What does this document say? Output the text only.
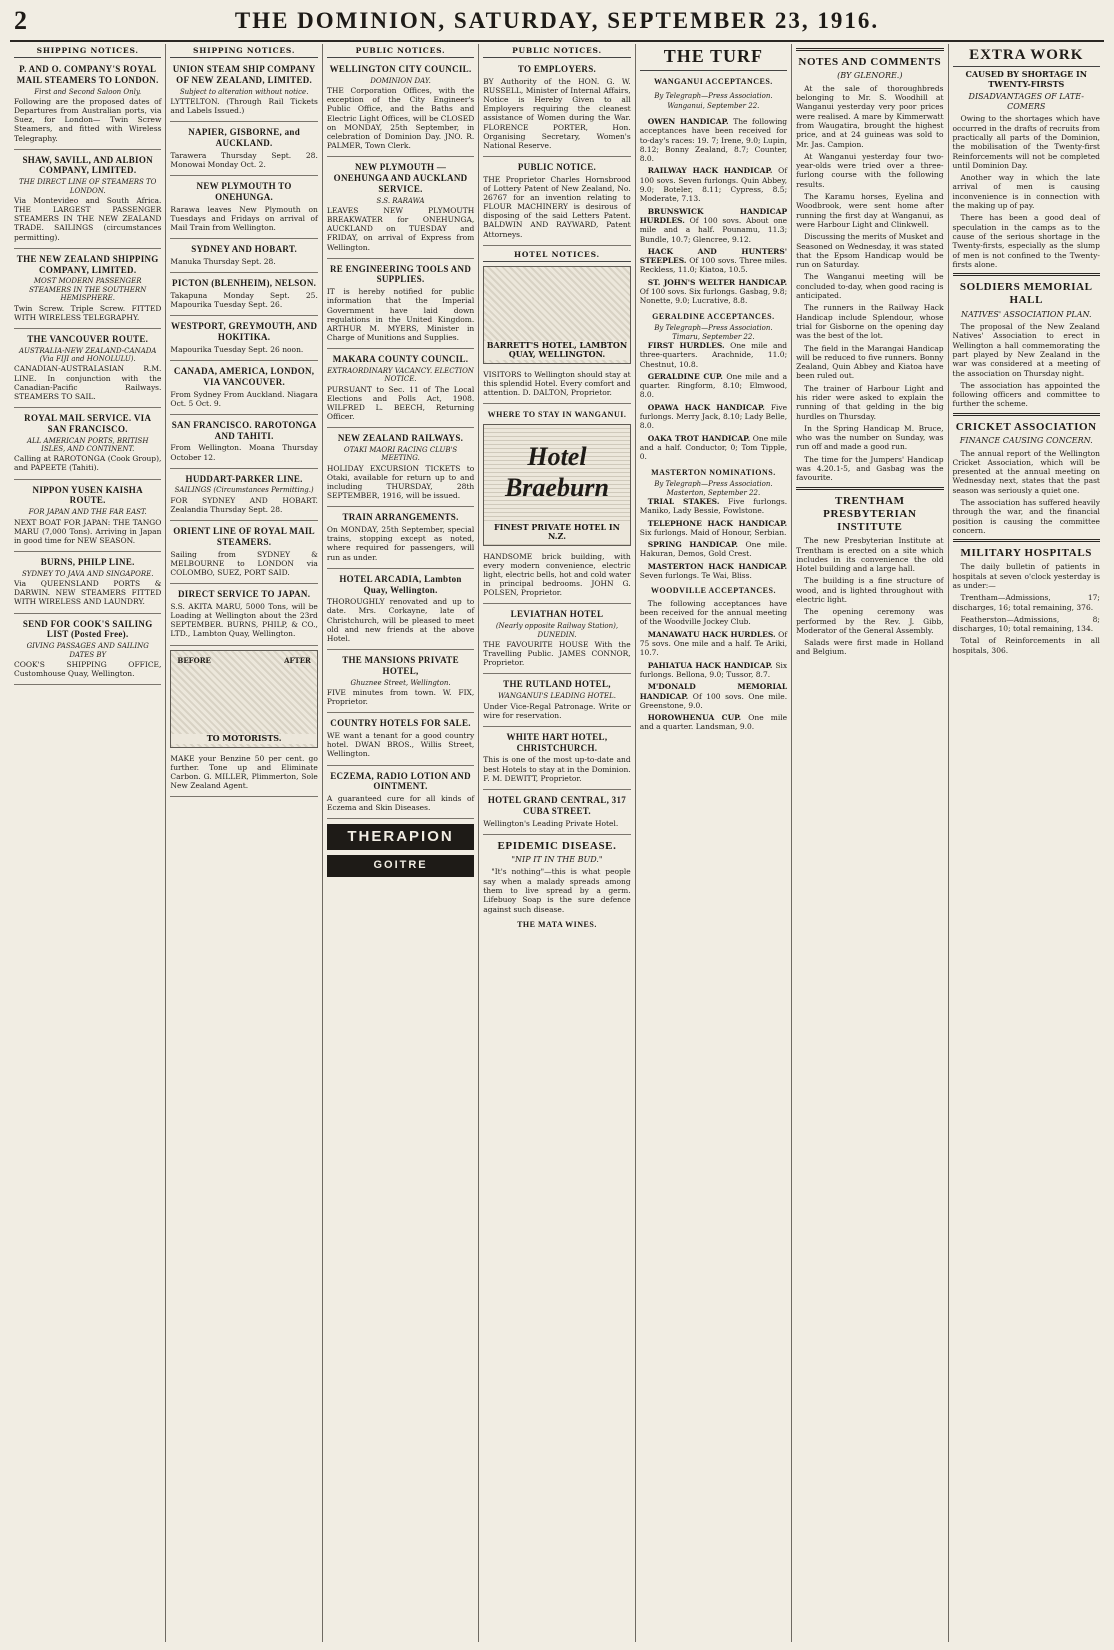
2	THE DOMINION, SATURDAY, SEPTEMBER 23, 1916.
SHIPPING NOTICES.
P. AND O. COMPANY'S ROYAL MAIL STEAMERS TO LONDON.
First and Second Saloon Only.

Following are the proposed dates of Departures from Australian ports, via Suez, for London— Twin Screw Steamers, and fitted with Wireless Telegraphy.

SHAW, SAVILL, AND ALBION COMPANY, LIMITED.
THE DIRECT LINE OF STEAMERS TO LONDON.

Via Montevideo and South Africa. THE LARGEST PASSENGER STEAMERS IN THE NEW ZEALAND TRADE. SAILINGS (circumstances permitting).

THE NEW ZEALAND SHIPPING COMPANY, LIMITED.
MOST MODERN PASSENGER STEAMERS IN THE SOUTHERN HEMISPHERE.

Twin Screw. Triple Screw. FITTED WITH WIRELESS TELEGRAPHY.

THE VANCOUVER ROUTE.
AUSTRALIA-NEW ZEALAND-CANADA (Via FIJI and HONOLULU).

CANADIAN-AUSTRALASIAN R.M. LINE. In conjunction with the Canadian-Pacific Railways. STEAMERS TO SAIL.

ROYAL MAIL SERVICE. VIA SAN FRANCISCO.
ALL AMERICAN PORTS, BRITISH ISLES, AND CONTINENT.

Calling at RAROTONGA (Cook Group), and PAPEETE (Tahiti).

NIPPON YUSEN KAISHA ROUTE.
FOR JAPAN AND THE FAR EAST.

NEXT BOAT FOR JAPAN: THE TANGO MARU (7,000 Tons). Arriving in Japan in good time for NEW SEASON.

BURNS, PHILP LINE.
SYDNEY TO JAVA AND SINGAPORE.

Via QUEENSLAND PORTS & DARWIN. NEW STEAMERS FITTED WITH WIRELESS AND LAUNDRY.

SEND FOR COOK'S SAILING LIST (Posted Free).
GIVING PASSAGES AND SAILING DATES BY

COOK'S SHIPPING OFFICE, Customhouse Quay, Wellington.

SHIPPING NOTICES.
UNION STEAM SHIP COMPANY OF NEW ZEALAND, LIMITED.
Subject to alteration without notice.

LYTTELTON. (Through Rail Tickets and Labels Issued.)

NAPIER, GISBORNE, and AUCKLAND.

Tarawera Thursday Sept. 28. Monowai Monday Oct. 2.

NEW PLYMOUTH TO ONEHUNGA.

Rarawa leaves New Plymouth on Tuesdays and Fridays on arrival of Mail Train from Wellington.

SYDNEY AND HOBART.

Manuka Thursday Sept. 28.

PICTON (BLENHEIM), NELSON.

Takapuna Monday Sept. 25. Mapourika Tuesday Sept. 26.

WESTPORT, GREYMOUTH, AND HOKITIKA.

Mapourika Tuesday Sept. 26 noon.

CANADA, AMERICA, LONDON, VIA VANCOUVER.

From Sydney From Auckland. Niagara Oct. 5 Oct. 9.

SAN FRANCISCO. RAROTONGA AND TAHITI.

From Wellington. Moana Thursday October 12.

HUDDART-PARKER LINE.
SAILINGS (Circumstances Permitting.)

FOR SYDNEY AND HOBART. Zealandia Thursday Sept. 28.

ORIENT LINE OF ROYAL MAIL STEAMERS.

Sailing from SYDNEY & MELBOURNE to LONDON via COLOMBO, SUEZ, PORT SAID.

DIRECT SERVICE TO JAPAN.

S.S. AKITA MARU, 5000 Tons, will be Loading at Wellington about the 23rd SEPTEMBER. BURNS, PHILP, & CO., LTD., Lambton Quay, Wellington.

BEFORE	AFTER
TO MOTORISTS.

MAKE your Benzine 50 per cent. go further. Tone up and Eliminate Carbon. G. MILLER, Plimmerton, Sole New Zealand Agent.

PUBLIC NOTICES.
WELLINGTON CITY COUNCIL.
DOMINION DAY.

THE Corporation Offices, with the exception of the City Engineer's Public Office, and the Baths and Electric Light Offices, will be CLOSED on MONDAY, 25th September, in celebration of Dominion Day. JNO. R. PALMER, Town Clerk.

NEW PLYMOUTH — ONEHUNGA AND AUCKLAND SERVICE.
S.S. RARAWA

LEAVES NEW PLYMOUTH BREAKWATER for ONEHUNGA, AUCKLAND on TUESDAY and FRIDAY, on arrival of Express from Wellington.

RE ENGINEERING TOOLS AND SUPPLIES.

IT is hereby notified for public information that the Imperial Government have laid down regulations in the United Kingdom. ARTHUR M. MYERS, Minister in Charge of Munitions and Supplies.

MAKARA COUNTY COUNCIL.
EXTRAORDINARY VACANCY. ELECTION NOTICE.

PURSUANT to Sec. 11 of The Local Elections and Polls Act, 1908. WILFRED L. BEECH, Returning Officer.

NEW ZEALAND RAILWAYS.
OTAKI MAORI RACING CLUB'S MEETING.

HOLIDAY EXCURSION TICKETS to Otaki, available for return up to and including THURSDAY, 28th SEPTEMBER, 1916, will be issued.

TRAIN ARRANGEMENTS.

On MONDAY, 25th September, special trains, stopping except as noted, where required for passengers, will run as under.

HOTEL ARCADIA, Lambton Quay, Wellington.

THOROUGHLY renovated and up to date. Mrs. Corkayne, late of Christchurch, will be pleased to meet old and new friends at the above Hotel.

THE MANSIONS PRIVATE HOTEL,
Ghuznee Street, Wellington.

FIVE minutes from town. W. FIX, Proprietor.

COUNTRY HOTELS FOR SALE.

WE want a tenant for a good country hotel. DWAN BROS., Willis Street, Wellington.

ECZEMA, RADIO LOTION AND OINTMENT.

A guaranteed cure for all kinds of Eczema and Skin Diseases.

THERAPION
GOITRE
PUBLIC NOTICES.
TO EMPLOYERS.

BY Authority of the HON. G. W. RUSSELL, Minister of Internal Affairs, Notice is Hereby Given to all Employers requiring the cleanest assistance of Women during the War. FLORENCE PORTER, Hon. Organising Secretary, Women's National Reserve.

PUBLIC NOTICE.

THE Proprietor Charles Hornsbrood of Lottery Patent of New Zealand, No. 26767 for an invention relating to FLOUR MACHINERY is desirous of disposing of the said Letters Patent. BALDWIN AND RAYWARD, Patent Attorneys.

HOTEL NOTICES.
BARRETT'S HOTEL, LAMBTON QUAY, WELLINGTON.

VISITORS to Wellington should stay at this splendid Hotel. Every comfort and attention. D. DALTON, Proprietor.

WHERE TO STAY IN WANGANUI.
Hotel Braeburn
FINEST PRIVATE HOTEL IN N.Z.

HANDSOME brick building, with every modern convenience, electric light, electric bells, hot and cold water in principal bedrooms. JOHN G. POLSEN, Proprietor.

LEVIATHAN HOTEL
(Nearly opposite Railway Station), DUNEDIN.

THE FAVOURITE HOUSE With the Travelling Public. JAMES CONNOR, Proprietor.

THE RUTLAND HOTEL,
WANGANUI'S LEADING HOTEL.

Under Vice-Regal Patronage. Write or wire for reservation.

WHITE HART HOTEL, CHRISTCHURCH.

This is one of the most up-to-date and best Hotels to stay at in the Dominion. F. M. DEWITT, Proprietor.

HOTEL GRAND CENTRAL, 317 CUBA STREET.

Wellington's Leading Private Hotel.

EPIDEMIC DISEASE.
"NIP IT IN THE BUD."

"It's nothing"—this is what people say when a malady spreads among them to live spread by a germ. Lifebuoy Soap is the sure defence against such disease.

THE MATA WINES.
THE TURF
WANGANUI ACCEPTANCES.
By Telegraph—Press Association.
Wanganui, September 22.

OWEN HANDICAP. The following acceptances have been received for to-day's races: 19. 7; Irene, 9.0; Lupin, 8.12; Bonny Zealand, 8.7; Counter, 8.0.

RAILWAY HACK HANDICAP. Of 100 sovs. Seven furlongs. Quin Abbey, 9.0; Boteler, 8.11; Cypress, 8.5; Moderate, 7.13.

BRUNSWICK HANDICAP HURDLES. Of 100 sovs. About one mile and a half. Pounamu, 11.3; Bundle, 10.7; Glencree, 9.12.

HACK AND HUNTERS' STEEPLES. Of 100 sovs. Three miles. Reckless, 11.0; Kiatoa, 10.5.

ST. JOHN'S WELTER HANDICAP. Of 100 sovs. Six furlongs. Gasbag, 9.8; Nonette, 9.0; Lucrative, 8.8.

GERALDINE ACCEPTANCES.
By Telegraph—Press Association.
Timaru, September 22.

FIRST HURDLES. One mile and three-quarters. Arachnide, 11.0; Chestnut, 10.8.

GERALDINE CUP. One mile and a quarter. Ringform, 8.10; Elmwood, 8.0.

OPAWA HACK HANDICAP. Five furlongs. Merry Jack, 8.10; Lady Belle, 8.0.

OAKA TROT HANDICAP. One mile and a half. Conductor, 0; Tom Tipple, 0.

MASTERTON NOMINATIONS.
By Telegraph—Press Association.
Masterton, September 22.

TRIAL STAKES. Five furlongs. Maniko, Lady Bessie, Fowlstone.

TELEPHONE HACK HANDICAP. Six furlongs. Maid of Honour, Serbian.

SPRING HANDICAP. One mile. Hakuran, Demos, Gold Crest.

MASTERTON HACK HANDICAP. Seven furlongs. Te Wai, Bliss.

WOODVILLE ACCEPTANCES.

The following acceptances have been received for the annual meeting of the Woodville Jockey Club.

MANAWATU HACK HURDLES. Of 75 sovs. One mile and a half. Te Ariki, 10.7.

PAHIATUA HACK HANDICAP. Six furlongs. Bellona, 9.0; Tussor, 8.7.

M'DONALD MEMORIAL HANDICAP. Of 100 sovs. One mile. Greenstone, 9.0.

HOROWHENUA CUP. One mile and a quarter. Landsman, 9.0.

NOTES AND COMMENTS
(BY GLENORE.)

At the sale of thoroughbreds belonging to Mr. S. Woodhill at Wanganui yesterday very poor prices were realised. A mare by Kimmerwatt from Waugatira, brought the highest price, and at 24 guineas was sold to Mr. Jas. Campion.

At Wanganui yesterday four two-year-olds were tried over a three-furlong course with the following results.

The Karamu horses, Eyelina and Woodbrook, were sent home after running the first day at Wanganui, as were Harbour Light and Clinkwell.

Discussing the merits of Musket and Seasoned on Wednesday, it was stated that the Epsom Handicap would be run on Saturday.

The Wanganui meeting will be concluded to-day, when good racing is anticipated.

The runners in the Railway Hack Handicap include Splendour, whose trial for Gisborne on the opening day was the best of the lot.

The field in the Marangai Handicap will be reduced to five runners. Bonny Zealand, Quin Abbey and Kiatoa have been ruled out.

The trainer of Harbour Light and his rider were asked to explain the running of that gelding in the big hurdles on Thursday.

In the Spring Handicap M. Bruce, who was the number on Sunday, was run off and made a good run.

The time for the Jumpers' Handicap was 4.20.1-5, and Gasbag was the favourite.

TRENTHAM PRESBYTERIAN INSTITUTE

The new Presbyterian Institute at Trentham is erected on a site which includes in its convenience the old Hotel building and a large hall.

The building is a fine structure of wood, and is lighted throughout with electric light.

The opening ceremony was performed by the Rev. J. Gibb, Moderator of the General Assembly.

Salads were first made in Holland and Belgium.

EXTRA WORK
CAUSED BY SHORTAGE IN TWENTY-FIRSTS
DISADVANTAGES OF LATE-COMERS

Owing to the shortages which have occurred in the drafts of recruits from practically all parts of the Dominion, the mobilisation of the Twenty-first Reinforcements will not be completed until Dominion Day.

Another way in which the late arrival of men is causing inconvenience is in connection with the making up of pay.

There has been a good deal of speculation in the camps as to the cause of the serious shortage in the Twenty-firsts, especially as the slump of men is not confined to the Twenty-firsts alone.

SOLDIERS MEMORIAL HALL
NATIVES' ASSOCIATION PLAN.

The proposal of the New Zealand Natives' Association to erect in Wellington a hall commemorating the part played by New Zealand in the war was considered at a meeting of the association on Thursday night.

The association has appointed the following officers and committee to further the scheme.

CRICKET ASSOCIATION
FINANCE CAUSING CONCERN.

The annual report of the Wellington Cricket Association, which will be presented at the annual meeting on Wednesday next, states that the past season was seriously a quiet one.

The association has suffered heavily through the war, and the financial position is causing the committee concern.

MILITARY HOSPITALS

The daily bulletin of patients in hospitals at seven o'clock yesterday is as under:—

Trentham—Admissions, 17; discharges, 16; total remaining, 376.

Featherston—Admissions, 8; discharges, 10; total remaining, 134.

Total of Reinforcements in all hospitals, 306.
